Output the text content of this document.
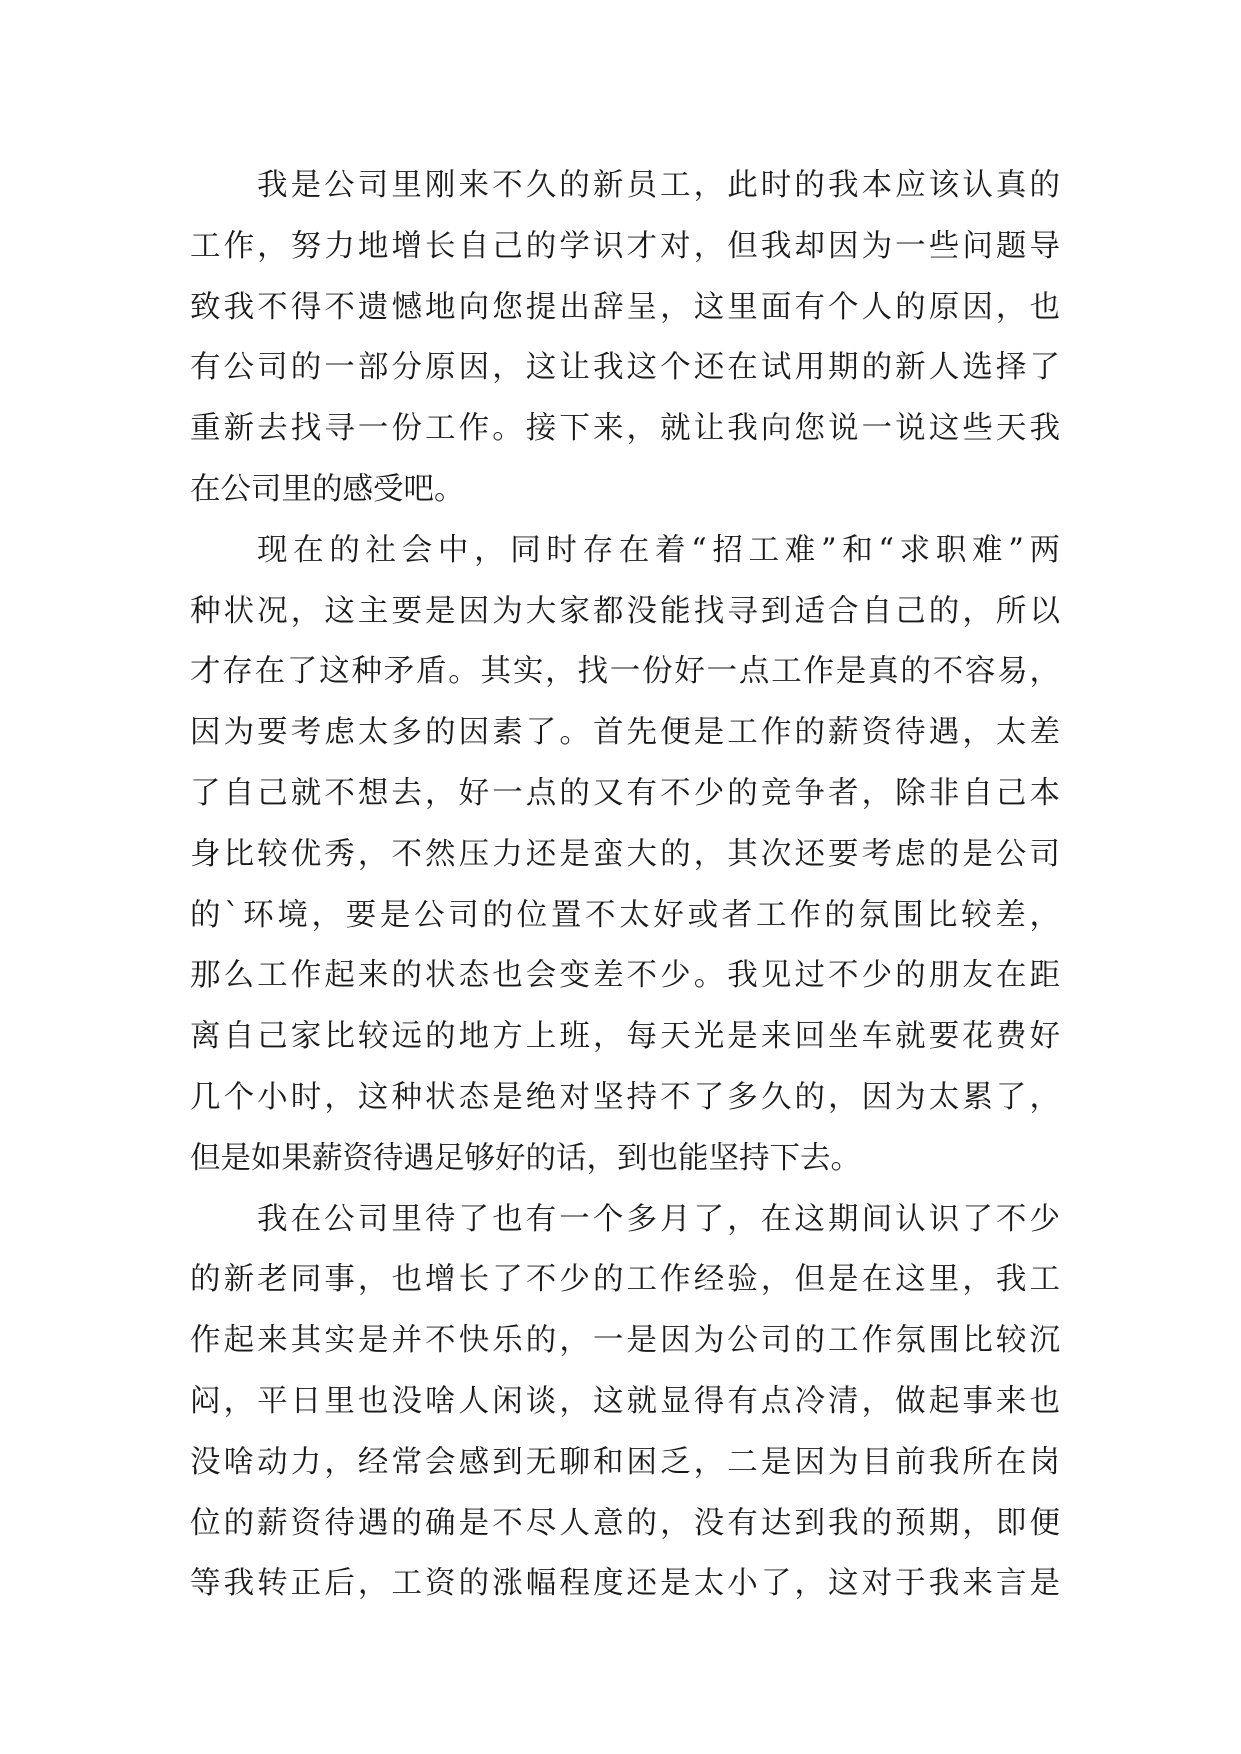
我是公司里刚来不久的新员工，此时的我本应该认真的
工作，努力地增长自己的学识才对，但我却因为一些问题导
致我不得不遗憾地向您提出辞呈，这里面有个人的原因，也
有公司的一部分原因，这让我这个还在试用期的新人选择了
重新去找寻一份工作。接下来，就让我向您说一说这些天我
在公司里的感受吧。
现在的社会中，同时存在着“招工难”和“求职难”两
种状况，这主要是因为大家都没能找寻到适合自己的，所以
才存在了这种矛盾。其实，找一份好一点工作是真的不容易，
因为要考虑太多的因素了。首先便是工作的薪资待遇，太差
了自己就不想去，好一点的又有不少的竞争者，除非自己本
身比较优秀，不然压力还是蛮大的，其次还要考虑的是公司
的`环境，要是公司的位置不太好或者工作的氛围比较差，
那么工作起来的状态也会变差不少。我见过不少的朋友在距
离自己家比较远的地方上班，每天光是来回坐车就要花费好
几个小时，这种状态是绝对坚持不了多久的，因为太累了，
但是如果薪资待遇足够好的话，到也能坚持下去。
我在公司里待了也有一个多月了，在这期间认识了不少
的新老同事，也增长了不少的工作经验，但是在这里，我工
作起来其实是并不快乐的，一是因为公司的工作氛围比较沉
闷，平日里也没啥人闲谈，这就显得有点冷清，做起事来也
没啥动力，经常会感到无聊和困乏，二是因为目前我所在岗
位的薪资待遇的确是不尽人意的，没有达到我的预期，即便
等我转正后，工资的涨幅程度还是太小了，这对于我来言是
